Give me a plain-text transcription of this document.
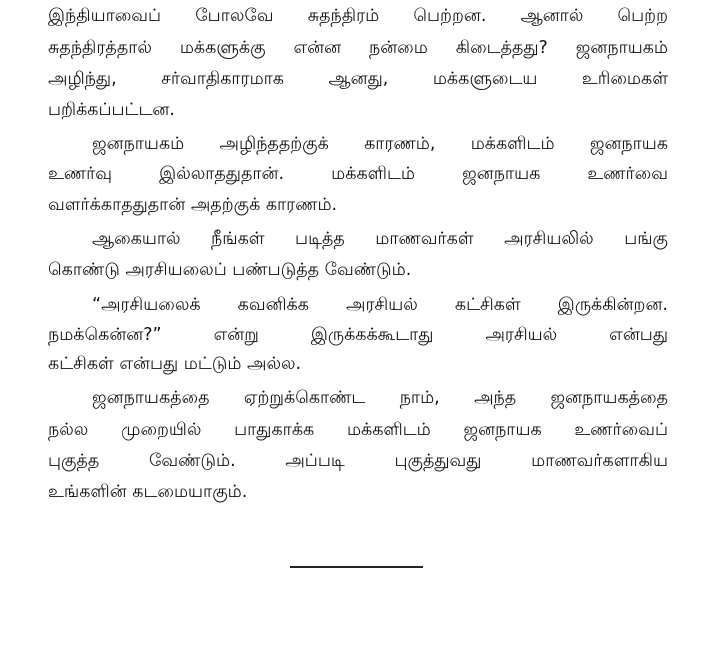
இந்தியாவைப் போலவே சுதந்திரம் பெற்றன. ஆனால் பெற்ற
சுதந்திரத்தால் மக்களுக்கு என்ன நன்மை கிடைத்தது? ஜனநாயகம்
அழிந்து, சர்வாதிகாரமாக ஆனது, மக்களுடைய உரிமைகள்
பறிக்கப்பட்டன.
ஜனநாயகம் அழிந்ததற்குக் காரணம், மக்களிடம் ஜனநாயக
உணர்வு இல்லாததுதான். மக்களிடம் ஜனநாயக உணர்வை
வளர்க்காததுதான் அதற்குக் காரணம்.
ஆகையால் நீங்கள் படித்த மாணவர்கள் அரசியலில் பங்கு
கொண்டு அரசியலைப் பண்படுத்த வேண்டும்.
“அரசியலைக் கவனிக்க அரசியல் கட்சிகள் இருக்கின்றன.
நமக்கென்ன?” என்று இருக்கக்கூடாது அரசியல் என்பது
கட்சிகள் என்பது மட்டும் அல்ல.
ஜனநாயகத்தை ஏற்றுக்கொண்ட நாம், அந்த ஜனநாயகத்தை
நல்ல முறையில் பாதுகாக்க மக்களிடம் ஜனநாயக உணர்வைப்
புகுத்த வேண்டும். அப்படி புகுத்துவது மாணவர்களாகிய
உங்களின் கடமையாகும்.
